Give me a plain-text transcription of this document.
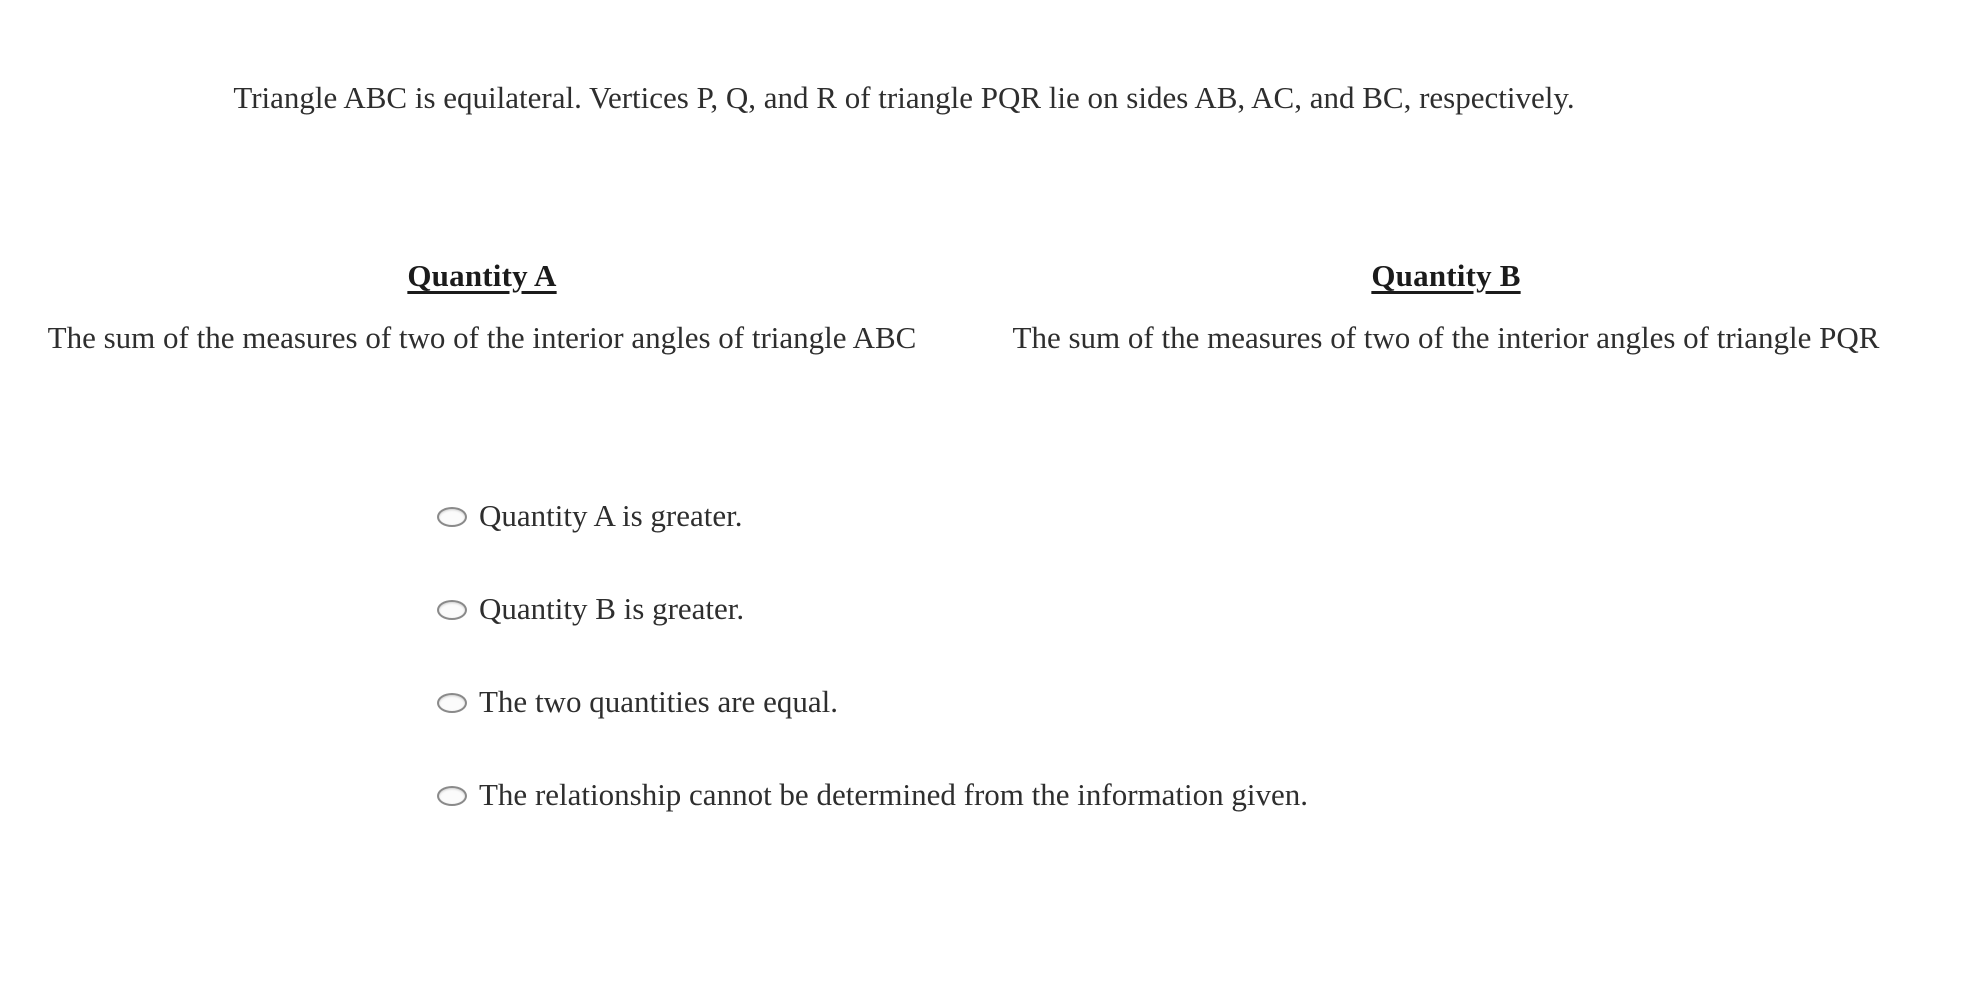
Triangle ABC is equilateral. Vertices P, Q, and R of triangle PQR lie on sides AB, AC, and BC, respectively.
Quantity A
The sum of the measures of two of the interior angles of triangle ABC
Quantity B
The sum of the measures of two of the interior angles of triangle PQR
Quantity A is greater.
Quantity B is greater.
The two quantities are equal.
The relationship cannot be determined from the information given.
